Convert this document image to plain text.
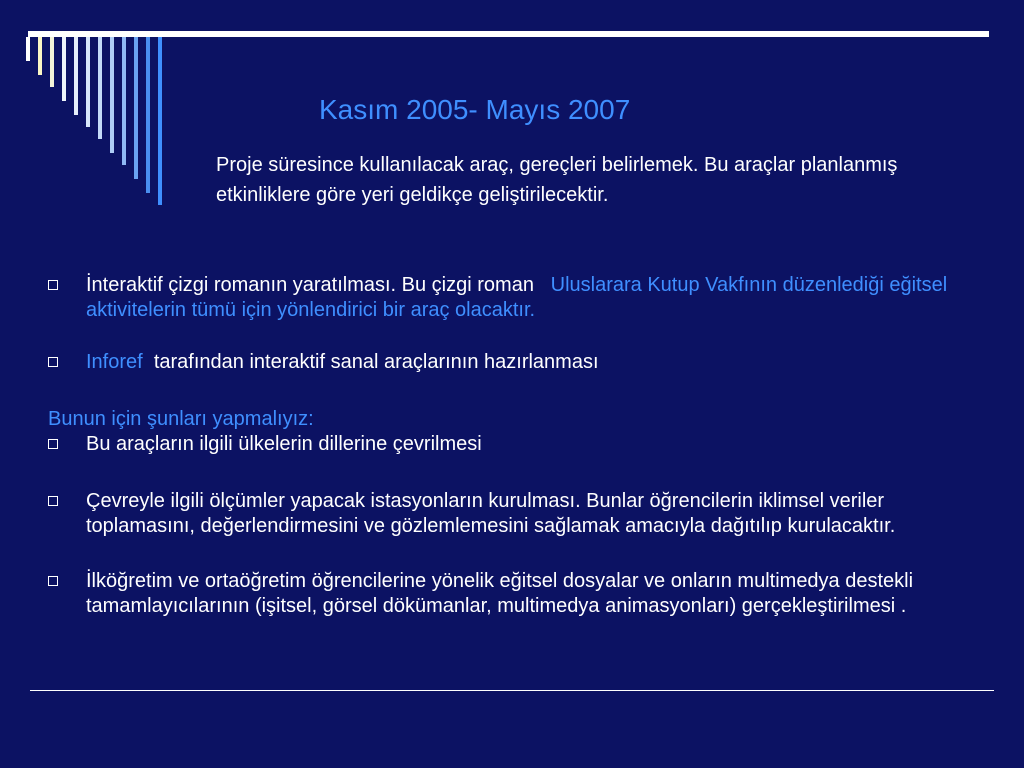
Kasım 2005- Mayıs 2007
Proje süresince kullanılacak araç, gereçleri belirlemek. Bu araçlar planlanmış etkinliklere göre yeri geldikçe geliştirilecektir.
İnteraktif çizgi romanın yaratılması. Bu çizgi roman Uluslarara Kutup Vakfının düzenlediği eğitsel aktivitelerin tümü için yönlendirici bir araç olacaktır.
Inforef tarafından interaktif sanal araçlarının hazırlanması
Bunun için şunları yapmalıyız:
Bu araçların ilgili ülkelerin dillerine çevrilmesi
Çevreyle ilgili ölçümler yapacak istasyonların kurulması. Bunlar öğrencilerin iklimsel veriler toplamasını, değerlendirmesini ve gözlemlemesini sağlamak amacıyla dağıtılıp kurulacaktır.
İlköğretim ve ortaöğretim öğrencilerine yönelik eğitsel dosyalar ve onların multimedya destekli tamamlayıcılarının (işitsel, görsel dökümanlar, multimedya animasyonları) gerçekleştirilmesi .
